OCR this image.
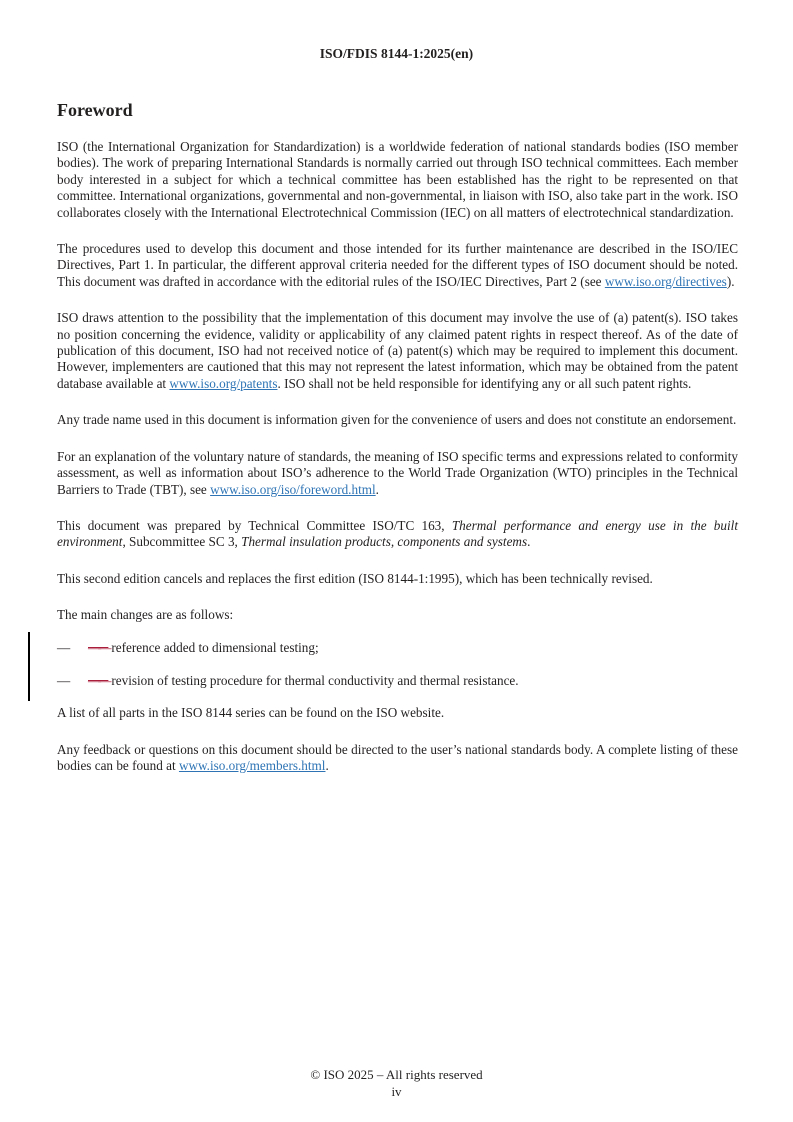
ISO/FDIS 8144-1:2025(en)
Foreword

ISO (the International Organization for Standardization) is a worldwide federation of national standards bodies (ISO member bodies). The work of preparing International Standards is normally carried out through ISO technical committees. Each member body interested in a subject for which a technical committee has been established has the right to be represented on that committee. International organizations, governmental and non-governmental, in liaison with ISO, also take part in the work. ISO collaborates closely with the International Electrotechnical Commission (IEC) on all matters of electrotechnical standardization.

The procedures used to develop this document and those intended for its further maintenance are described in the ISO/IEC Directives, Part 1. In particular, the different approval criteria needed for the different types of ISO document should be noted. This document was drafted in accordance with the editorial rules of the ISO/IEC Directives, Part 2 (see www.iso.org/directives).

ISO draws attention to the possibility that the implementation of this document may involve the use of (a) patent(s). ISO takes no position concerning the evidence, validity or applicability of any claimed patent rights in respect thereof. As of the date of publication of this document, ISO had not received notice of (a) patent(s) which may be required to implement this document. However, implementers are cautioned that this may not represent the latest information, which may be obtained from the patent database available at www.iso.org/patents. ISO shall not be held responsible for identifying any or all such patent rights.

Any trade name used in this document is information given for the convenience of users and does not constitute an endorsement.

For an explanation of the voluntary nature of standards, the meaning of ISO specific terms and expressions related to conformity assessment, as well as information about ISO’s adherence to the World Trade Organization (WTO) principles in the Technical Barriers to Trade (TBT), see www.iso.org/iso/foreword.html.

This document was prepared by Technical Committee ISO/TC 163, Thermal performance and energy use in the built environment, Subcommittee SC 3, Thermal insulation products, components and systems.

This second edition cancels and replaces the first edition (ISO 8144-1:1995), which has been technically revised.

The main changes are as follows:

—	—— reference added to dimensional testing;
—	—— revision of testing procedure for thermal conductivity and thermal resistance.

A list of all parts in the ISO 8144 series can be found on the ISO website.

Any feedback or questions on this document should be directed to the user’s national standards body. A complete listing of these bodies can be found at www.iso.org/members.html.

© ISO 2025 – All rights reserved
iv
